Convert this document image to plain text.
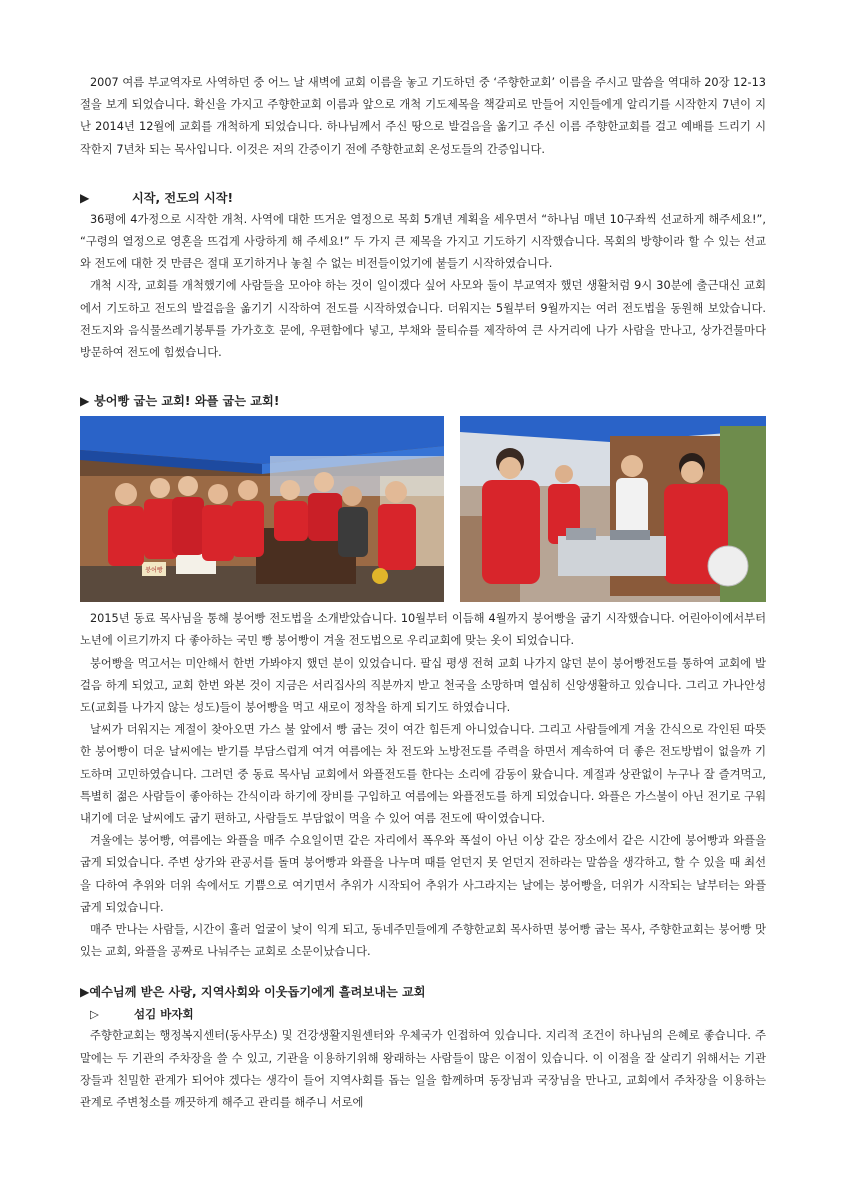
2007 여름 부교역자로 사역하던 중 어느 날 새벽에 교회 이름을 놓고 기도하던 중 ‘주향한교회’ 이름을 주시고 말씀을 역대하 20장 12-13절을 보게 되었습니다. 확신을 가지고 주향한교회 이름과 앞으로 개척 기도제목을 책갈피로 만들어 지인들에게 알리기를 시작한지 7년이 지난 2014년 12월에 교회를 개척하게 되었습니다. 하나님께서 주신 땅으로 발걸음을 옮기고 주신 이름 주향한교회를 걸고 예배를 드리기 시작한지 7년차 되는 목사입니다. 이것은 저의 간증이기 전에 주향한교회 온성도들의 간증입니다.

▶	시작, 전도의 시작!

36평에 4가정으로 시작한 개척. 사역에 대한 뜨거운 열정으로 목회 5개년 계획을 세우면서 “하나님 매년 10구좌씩 선교하게 해주세요!”, “구령의 열정으로 영혼을 뜨겁게 사랑하게 해 주세요!” 두 가지 큰 제목을 가지고 기도하기 시작했습니다. 목회의 방향이라 할 수 있는 선교와 전도에 대한 것 만큼은 절대 포기하거나 놓칠 수 없는 비전들이었기에 붙들기 시작하였습니다.

개척 시작, 교회를 개척했기에 사람들을 모아야 하는 것이 일이겠다 싶어 사모와 둘이 부교역자 했던 생활처럼 9시 30분에 출근대신 교회에서 기도하고 전도의 발걸음을 옮기기 시작하여 전도를 시작하였습니다. 더워지는 5월부터 9월까지는 여러 전도법을 동원해 보았습니다. 전도지와 음식물쓰레기봉투를 가가호호 문에, 우편함에다 넣고, 부채와 물티슈를 제작하여 큰 사거리에 나가 사람을 만나고, 상가건물마다 방문하여 전도에 힘썼습니다.

▶ 붕어빵 굽는 교회! 와플 굽는 교회!
붕어빵

2015년 동료 목사님을 통해 붕어빵 전도법을 소개받았습니다. 10월부터 이듬해 4월까지 붕어빵을 굽기 시작했습니다. 어린아이에서부터 노년에 이르기까지 다 좋아하는 국민 빵 붕어빵이 겨울 전도법으로 우리교회에 맞는 옷이 되었습니다.

붕어빵을 먹고서는 미안해서 한번 가봐야지 했던 분이 있었습니다. 팔십 평생 전혀 교회 나가지 않던 분이 붕어빵전도를 통하여 교회에 발걸음 하게 되었고, 교회 한번 와본 것이 지금은 서리집사의 직분까지 받고 천국을 소망하며 열심히 신앙생활하고 있습니다. 그리고 가나안성도(교회를 나가지 않는 성도)들이 붕어빵을 먹고 새로이 정착을 하게 되기도 하였습니다.

날씨가 더워지는 계절이 찾아오면 가스 불 앞에서 빵 굽는 것이 여간 힘든게 아니었습니다. 그리고 사람들에게 겨울 간식으로 각인된 따뜻한 붕어빵이 더운 날씨에는 받기를 부담스럽게 여겨 여름에는 차 전도와 노방전도를 주력을 하면서 계속하여 더 좋은 전도방법이 없을까 기도하며 고민하였습니다. 그러던 중 동료 목사님 교회에서 와플전도를 한다는 소리에 감동이 왔습니다. 계절과 상관없이 누구나 잘 즐겨먹고, 특별히 젊은 사람들이 좋아하는 간식이라 하기에 장비를 구입하고 여름에는 와플전도를 하게 되었습니다. 와플은 가스불이 아닌 전기로 구워내기에 더운 날씨에도 굽기 편하고, 사람들도 부담없이 먹을 수 있어 여름 전도에 딱이였습니다.

겨울에는 붕어빵, 여름에는 와플을 매주 수요일이면 같은 자리에서 폭우와 폭설이 아닌 이상 같은 장소에서 같은 시간에 붕어빵과 와플을 굽게 되었습니다. 주변 상가와 관공서를 돌며 붕어빵과 와플을 나누며 때를 얻던지 못 얻던지 전하라는 말씀을 생각하고, 할 수 있을 때 최선을 다하여 추위와 더위 속에서도 기쁨으로 여기면서 추위가 시작되어 추위가 사그라지는 날에는 붕어빵을, 더위가 시작되는 날부터는 와플 굽게 되었습니다.

매주 만나는 사람들, 시간이 흘러 얼굴이 낯이 익게 되고, 동네주민들에게 주향한교회 목사하면 붕어빵 굽는 목사, 주향한교회는 붕어빵 맛있는 교회, 와플을 공짜로 나눠주는 교회로 소문이났습니다.

▶예수님께 받은 사랑, 지역사회와 이웃돕기에게 흘려보내는 교회
▷	섬김 바자회

주향한교회는 행정복지센터(동사무소) 및 건강생활지원센터와 우체국가 인접하여 있습니다. 지리적 조건이 하나님의 은혜로 좋습니다. 주말에는 두 기관의 주차장을 쓸 수 있고, 기관을 이용하기위해 왕래하는 사람들이 많은 이점이 있습니다. 이 이점을 잘 살리기 위해서는 기관장들과 친밀한 관계가 되어야 겠다는 생각이 들어 지역사회를 돕는 일을 함께하며 동장님과 국장님을 만나고, 교회에서 주차장을 이용하는 관계로 주변청소를 깨끗하게 해주고 관리를 해주니 서로에
